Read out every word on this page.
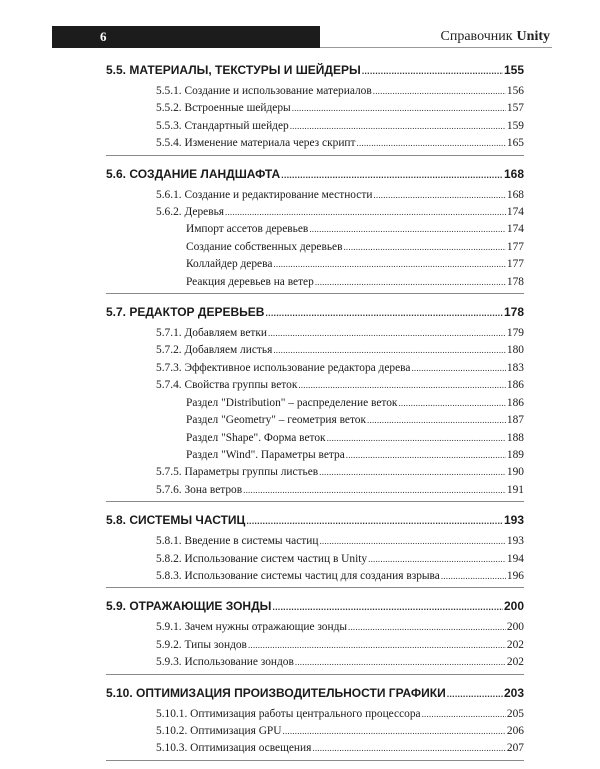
6	Справочник Unity
5.5. МАТЕРИАЛЫ, ТЕКСТУРЫ И ШЕЙДЕРЫ .....	155
5.5.1. Создание и использование материалов .....	156
5.5.2. Встроенные шейдеры .....	157
5.5.3. Стандартный шейдер .....	159
5.5.4. Изменение материала через скрипт .....	165
5.6. СОЗДАНИЕ ЛАНДШАФТА .....	168
5.6.1. Создание и редактирование местности .....	168
5.6.2. Деревья .....	174
Импорт ассетов деревьев .....	174
Создание собственных деревьев .....	177
Коллайдер дерева .....	177
Реакция деревьев на ветер .....	178
5.7. РЕДАКТОР ДЕРЕВЬЕВ .....	178
5.7.1. Добавляем ветки .....	179
5.7.2. Добавляем листья .....	180
5.7.3. Эффективное использование редактора дерева .....	183
5.7.4. Свойства группы веток .....	186
Раздел "Distribution" – распределение веток .....	186
Раздел "Geometry" – геометрия веток .....	187
Раздел "Shape". Форма веток .....	188
Раздел "Wind". Параметры ветра .....	189
5.7.5. Параметры группы листьев .....	190
5.7.6. Зона ветров .....	191
5.8. СИСТЕМЫ ЧАСТИЦ .....	193
5.8.1. Введение в системы частиц .....	193
5.8.2. Использование систем частиц в Unity .....	194
5.8.3. Использование системы частиц для создания взрыва .....	196
5.9. ОТРАЖАЮЩИЕ ЗОНДЫ .....	200
5.9.1. Зачем нужны отражающие зонды .....	200
5.9.2. Типы зондов .....	202
5.9.3. Использование зондов .....	202
5.10. ОПТИМИЗАЦИЯ ПРОИЗВОДИТЕЛЬНОСТИ ГРАФИКИ .....	203
5.10.1. Оптимизация работы центрального процессора .....	205
5.10.2. Оптимизация GPU .....	206
5.10.3. Оптимизация освещения .....	207
